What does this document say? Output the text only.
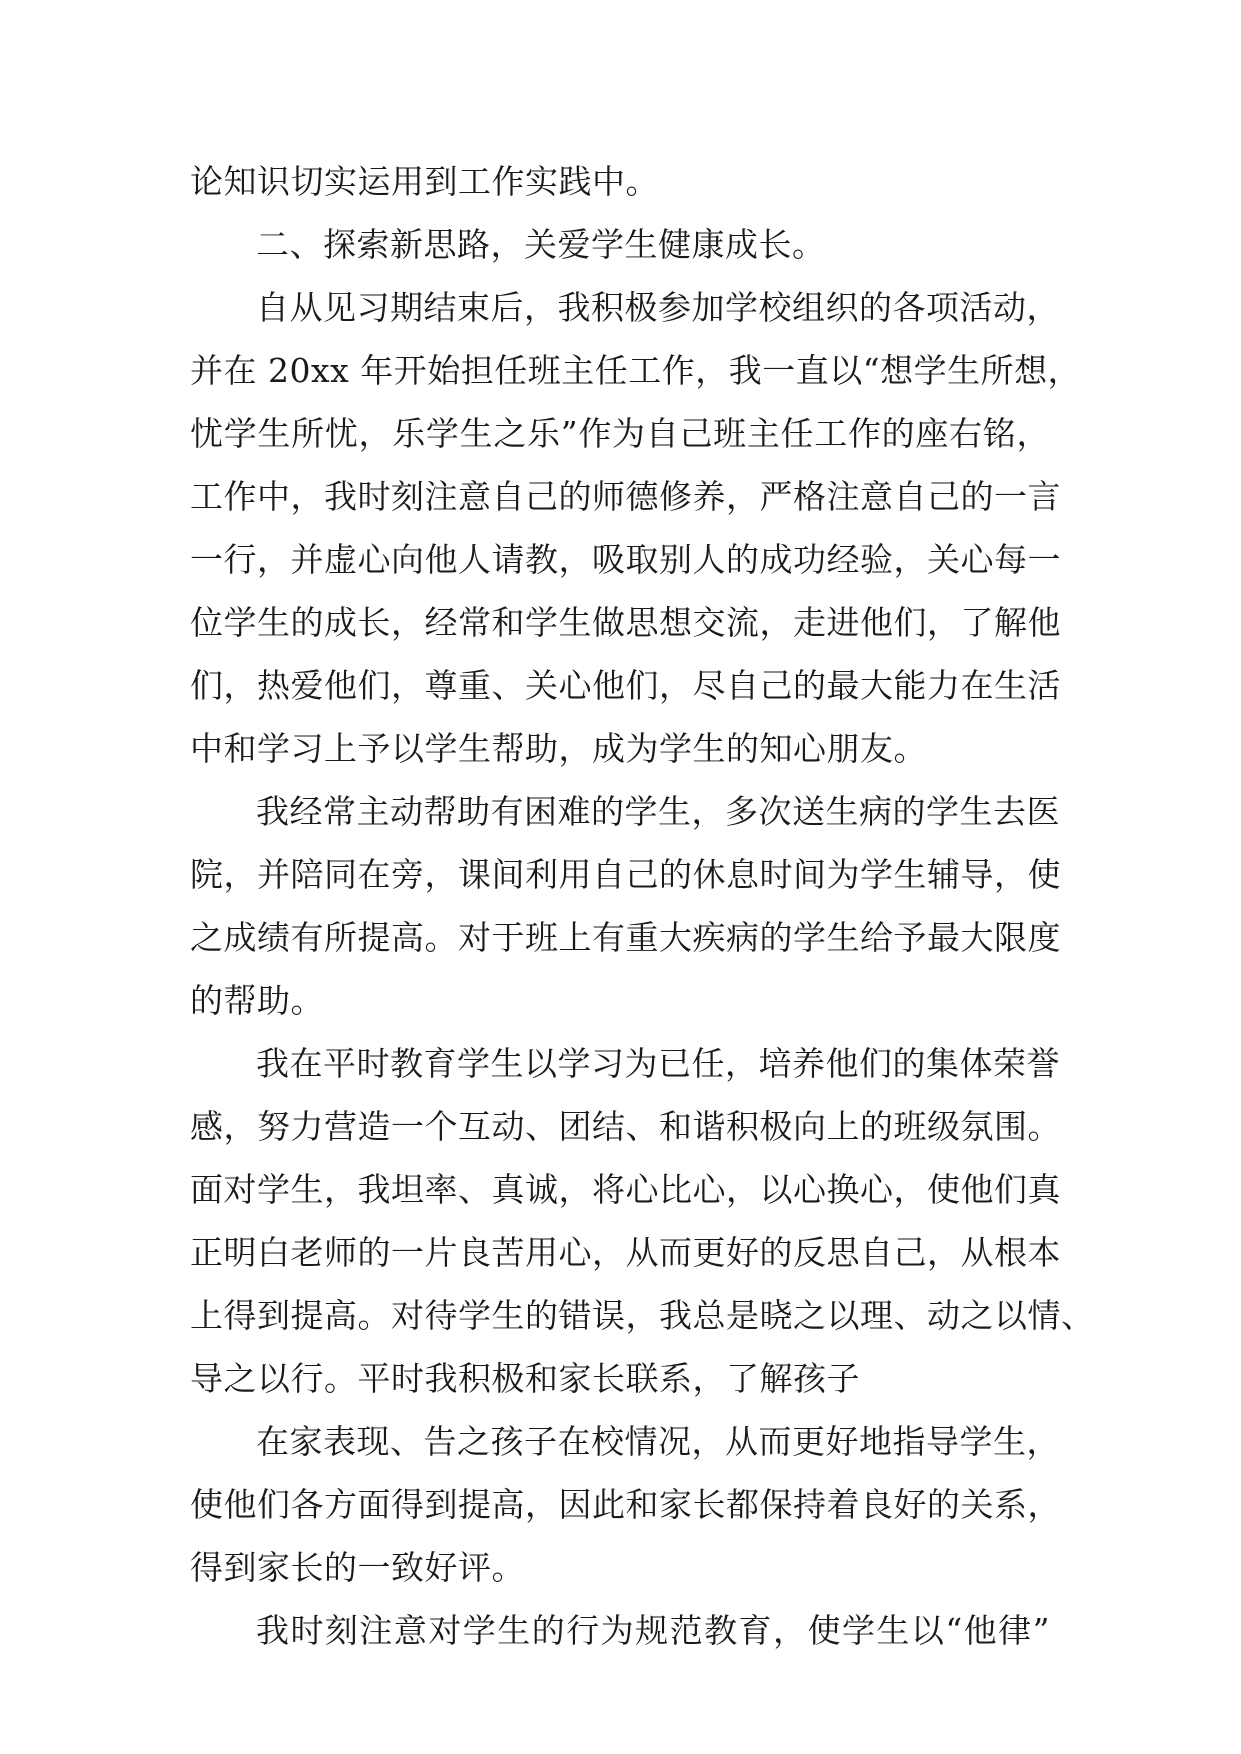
论知识切实运用到工作实践中。
二、探索新思路，关爱学生健康成长。
自从见习期结束后，我积极参加学校组织的各项活动，
并在 20xx 年开始担任班主任工作，我一直以“想学生所想，
忧学生所忧，乐学生之乐”作为自己班主任工作的座右铭，
工作中，我时刻注意自己的师德修养，严格注意自己的一言
一行，并虚心向他人请教，吸取别人的成功经验，关心每一
位学生的成长，经常和学生做思想交流，走进他们，了解他
们，热爱他们，尊重、关心他们，尽自己的最大能力在生活
中和学习上予以学生帮助，成为学生的知心朋友。
我经常主动帮助有困难的学生，多次送生病的学生去医
院，并陪同在旁，课间利用自己的休息时间为学生辅导，使
之成绩有所提高。对于班上有重大疾病的学生给予最大限度
的帮助。
我在平时教育学生以学习为已任，培养他们的集体荣誉
感，努力营造一个互动、团结、和谐积极向上的班级氛围。
面对学生，我坦率、真诚，将心比心，以心换心，使他们真
正明白老师的一片良苦用心，从而更好的反思自己，从根本
上得到提高。对待学生的错误，我总是晓之以理、动之以情、
导之以行。平时我积极和家长联系，了解孩子
在家表现、告之孩子在校情况，从而更好地指导学生，
使他们各方面得到提高，因此和家长都保持着良好的关系，
得到家长的一致好评。
我时刻注意对学生的行为规范教育，使学生以“他律”
